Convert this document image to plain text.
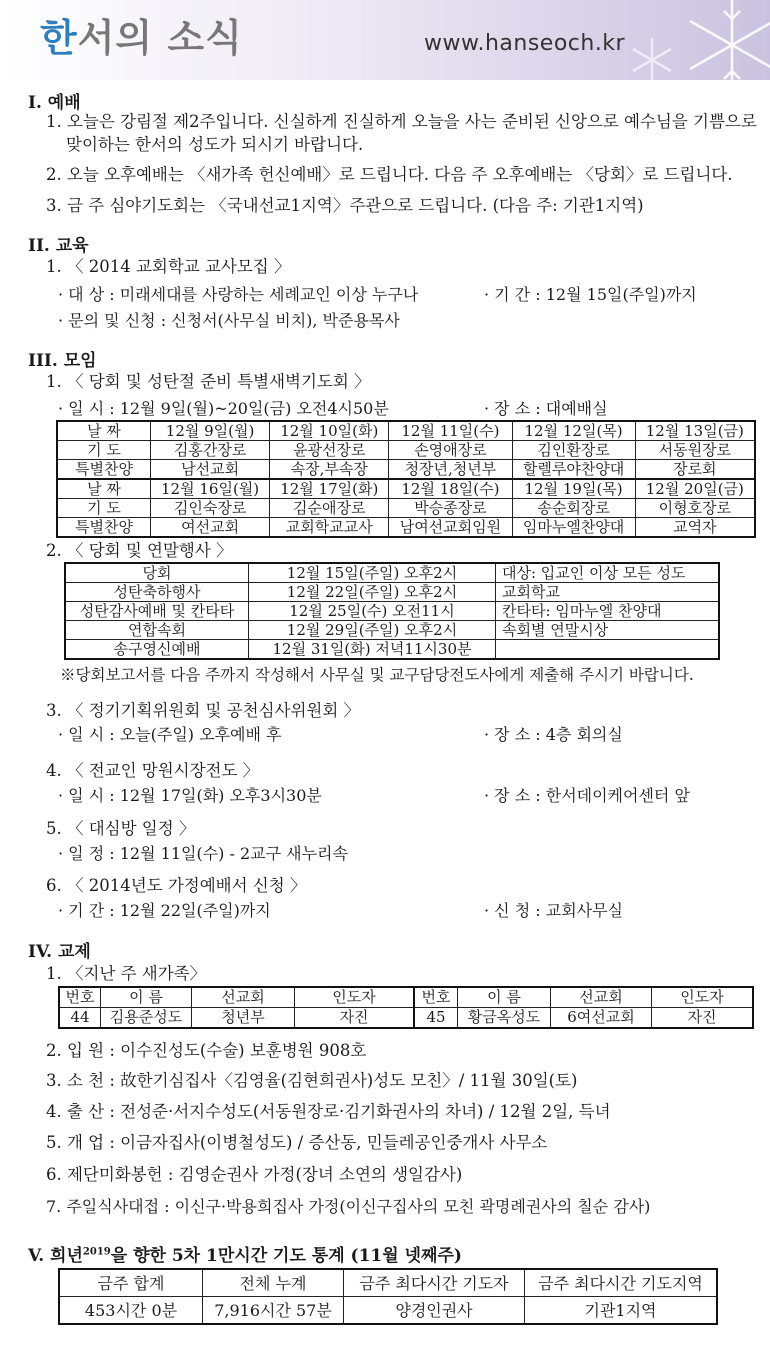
한서의 소식	www.hanseoch.kr
I. 예배
1. 오늘은 강림절 제2주입니다. 신실하게 진실하게 오늘을 사는 준비된 신앙으로 예수님을 기쁨으로
맞이하는 한서의 성도가 되시기 바랍니다.
2. 오늘 오후예배는 〈새가족 헌신예배〉로 드립니다. 다음 주 오후예배는 〈당회〉로 드립니다.
3. 금 주 심야기도회는 〈국내선교1지역〉주관으로 드립니다. (다음 주: 기관1지역)
II. 교육
1. 〈 2014 교회학교 교사모집 〉
· 대 상 : 미래세대를 사랑하는 세례교인 이상 누구나	· 기 간 : 12월 15일(주일)까지
· 문의 및 신청 : 신청서(사무실 비치), 박준용목사
III. 모임
1. 〈 당회 및 성탄절 준비 특별새벽기도회 〉
· 일 시 : 12월 9일(월)~20일(금) 오전4시50분	· 장 소 : 대예배실
날 짜	12월 9일(월)	12월 10일(화)	12월 11일(수)	12월 12일(목)	12월 13일(금)
기 도	김홍간장로	윤광선장로	손영애장로	김인환장로	서동원장로
특별찬양	남선교회	속장,부속장	청장년,청년부	할렐루야찬양대	장로회
날 짜	12월 16일(월)	12월 17일(화)	12월 18일(수)	12월 19일(목)	12월 20일(금)
기 도	김인숙장로	김순애장로	박승종장로	송순회장로	이형호장로
특별찬양	여선교회	교회학교교사	남여선교회임원	임마누엘찬양대	교역자
2. 〈 당회 및 연말행사 〉
당회	12월 15일(주일) 오후2시	대상: 입교인 이상 모든 성도
성탄축하행사	12월 22일(주일) 오후2시	교회학교
성탄감사예배 및 칸타타	12월 25일(수) 오전11시	칸타타: 임마누엘 찬양대
연합속회	12월 29일(주일) 오후2시	속회별 연말시상
송구영신예배	12월 31일(화) 저녁11시30분	
※당회보고서를 다음 주까지 작성해서 사무실 및 교구담당전도사에게 제출해 주시기 바랍니다.
3. 〈 정기기획위원회 및 공천심사위원회 〉
· 일 시 : 오늘(주일) 오후예배 후	· 장 소 : 4층 회의실
4. 〈 전교인 망원시장전도 〉
· 일 시 : 12월 17일(화) 오후3시30분	· 장 소 : 한서데이케어센터 앞
5. 〈 대심방 일정 〉
· 일 정 : 12월 11일(수) - 2교구 새누리속
6. 〈 2014년도 가정예배서 신청 〉
· 기 간 : 12월 22일(주일)까지	· 신 청 : 교회사무실
IV. 교제
1. 〈지난 주 새가족〉
번호	이 름	선교회	인도자	번호	이 름	선교회	인도자
44	김용준성도	청년부	자진	45	황금옥성도	6여선교회	자진
2. 입 원 : 이수진성도(수술) 보훈병원 908호
3. 소 천 : 故한기심집사〈김영율(김현희권사)성도 모친〉/ 11월 30일(토)
4. 출 산 : 전성준·서지수성도(서동원장로·김기화권사의 차녀) / 12월 2일, 득녀
5. 개 업 : 이금자집사(이병철성도) / 증산동, 민들레공인중개사 사무소
6. 제단미화봉헌 : 김영순권사 가정(장녀 소연의 생일감사)
7. 주일식사대접 : 이신구·박용희집사 가정(이신구집사의 모친 곽명례권사의 칠순 감사)
V. 희년$^{2019}$을 향한 5차 1만시간 기도 통계 (11월 넷째주)
금주 합계	전체 누계	금주 최다시간 기도자	금주 최다시간 기도지역
453시간 0분	7,916시간 57분	양경인권사	기관1지역
